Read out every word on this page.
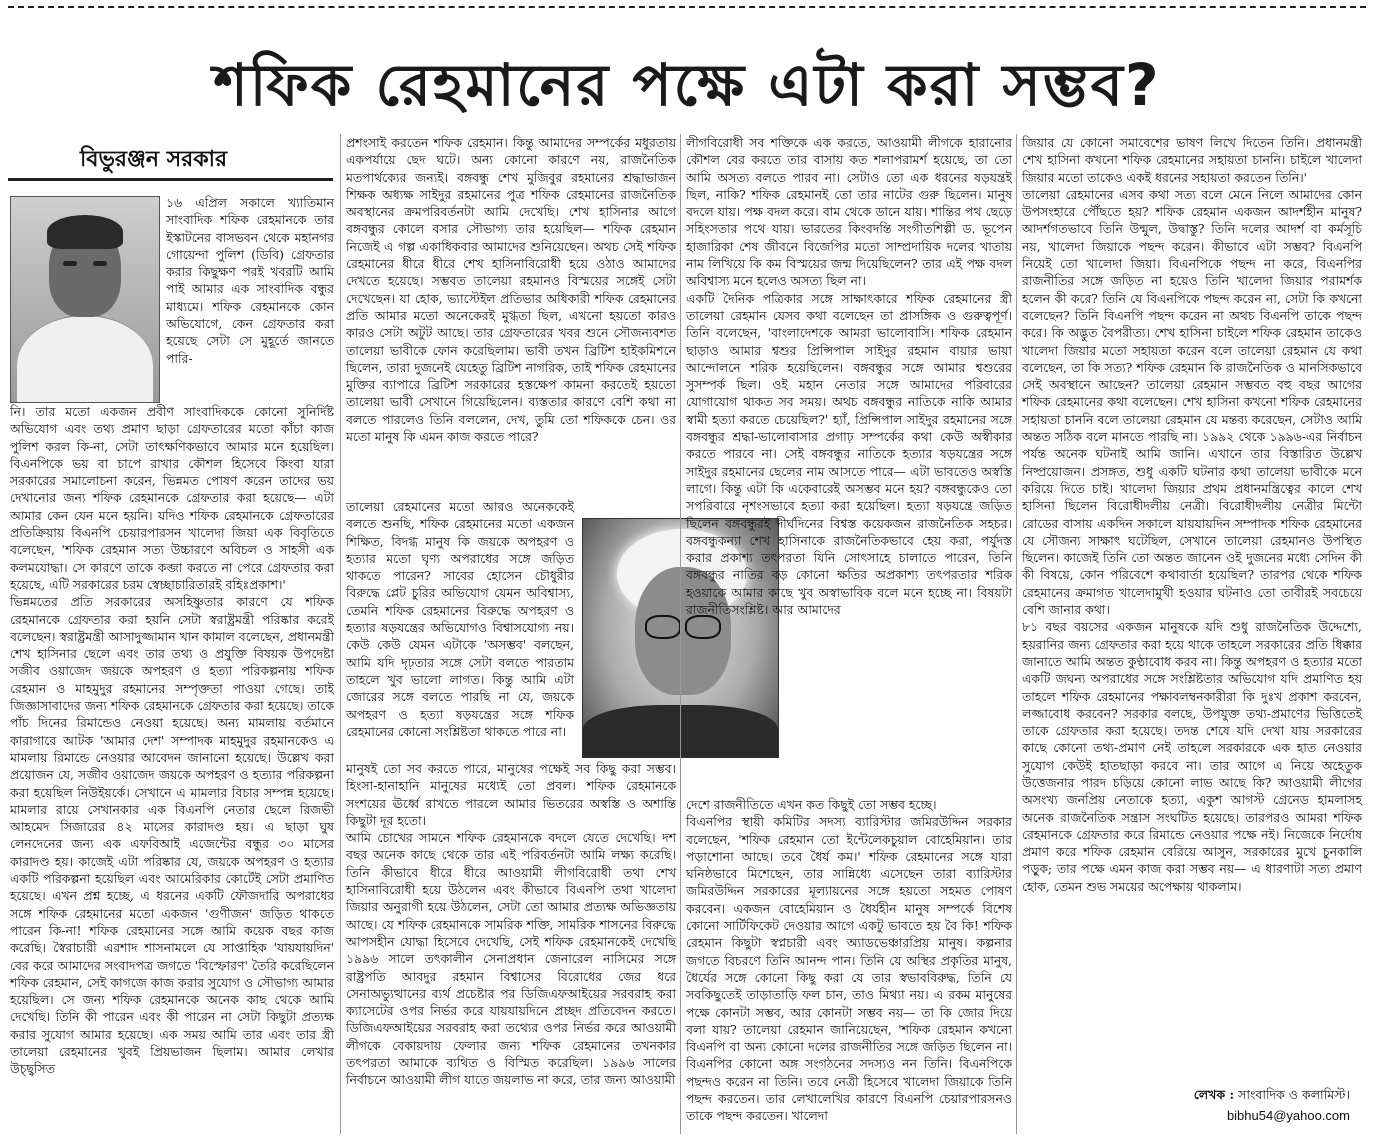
শফিক রেহমানের পক্ষে এটা করা সম্ভব?
বিভুরঞ্জন সরকার

১৬ এপ্রিল সকালে খ্যাতিমান সাংবাদিক শফিক রেহমানকে তার ইস্কাটনের বাসভবন থেকে মহানগর গোয়েন্দা পুলিশ (ডিবি) গ্রেফতার করার কিছুক্ষণ পরই খবরটি আমি পাই আমার এক সাংবাদিক বন্ধুর মাধ্যমে। শফিক রেহমানকে কোন অভিযোগে, কেন গ্রেফতার করা হয়েছে সেটা সে মুহূর্তে জানতে পারি-

নি। তার মতো একজন প্রবীণ সাংবাদিককে কোনো সুনির্দিষ্ট অভিযোগ এবং তথ্য প্রমাণ ছাড়া গ্রেফতারের মতো কাঁচা কাজ পুলিশ করল কি-না, সেটা তাৎক্ষণিকভাবে আমার মনে হয়েছিল। বিএনপিকে ভয় বা চাপে রাখার কৌশল হিসেবে কিংবা যারা সরকারের সমালোচনা করেন, ভিন্নমত পোষণ করেন তাদের ভয় দেখানোর জন্য শফিক রেহমানকে গ্রেফতার করা হয়েছে— এটা আমার কেন যেন মনে হয়নি। যদিও শফিক রেহমানকে গ্রেফতারের প্রতিক্রিয়ায় বিএনপি চেয়ারপারসন খালেদা জিয়া এক বিবৃতিতে বলেছেন, 'শফিক রেহমান সত্য উচ্চারণে অবিচল ও সাহসী এক কলমযোদ্ধা। সে কারণে তাকে কব্জা করতে না পেরে গ্রেফতার করা হয়েছে, এটি সরকারের চরম স্বেচ্ছাচারিতারই বহিঃপ্রকাশ।'

ভিন্নমতের প্রতি সরকারের অসহিষ্ণুতার কারণে যে শফিক রেহমানকে গ্রেফতার করা হয়নি সেটা স্বরাষ্ট্রমন্ত্রী পরিষ্কার করেই বলেছেন। স্বরাষ্ট্রমন্ত্রী আসাদুজ্জামান খান কামাল বলেছেন, প্রধানমন্ত্রী শেখ হাসিনার ছেলে এবং তার তথ্য ও প্রযুক্তি বিষয়ক উপদেষ্টা সজীব ওয়াজেদ জয়কে অপহরণ ও হত্যা পরিকল্পনায় শফিক রেহমান ও মাহমুদুর রহমানের সম্পৃক্ততা পাওয়া গেছে। তাই জিজ্ঞাসাবাদের জন্য শফিক রেহমানকে গ্রেফতার করা হয়েছে। তাকে পাঁচ দিনের রিমান্ডেও নেওয়া হয়েছে। অন্য মামলায় বর্তমানে কারাগারে আটক 'আমার দেশ' সম্পাদক মাহমুদুর রহমানকেও এ মামলায় রিমান্ডে নেওয়ার আবেদন জানানো হয়েছে। উল্লেখ করা প্রয়োজন যে, সজীব ওয়াজেদ জয়কে অপহরণ ও হত্যার পরিকল্পনা করা হয়েছিল নিউইয়র্কে। সেখানে এ মামলার বিচার সম্পন্ন হয়েছে। মামলার রায়ে সেখানকার এক বিএনপি নেতার ছেলে রিজভী আহমেদ সিজারের ৪২ মাসের কারাদণ্ড হয়। এ ছাড়া ঘুষ লেনদেনের জন্য এক এফবিআই এজেন্টের বন্ধুর ৩০ মাসের কারাদণ্ড হয়। কাজেই এটা পরিষ্কার যে, জয়কে অপহরণ ও হত্যার একটি পরিকল্পনা হয়েছিল এবং আমেরিকার কোর্টেই সেটা প্রমাণিত হয়েছে। এখন প্রশ্ন হচ্ছে, এ ধরনের একটি ফৌজদারি অপরাধের সঙ্গে শফিক রেহমানের মতো একজন 'গুণীজন' জড়িত থাকতে পারেন কি-না! শফিক রেহমানের সঙ্গে আমি কয়েক বছর কাজ করেছি। স্বৈরাচারী এরশাদ শাসনামলে যে সাপ্তাহিক 'যায়যায়দিন' বের করে আমাদের সংবাদপত্র জগতে 'বিস্ফোরণ' তৈরি করেছিলেন শফিক রেহমান, সেই কাগজে কাজ করার সুযোগ ও সৌভাগ্য আমার হয়েছিল। সে জন্য শফিক রেহমানকে অনেক কাছ থেকে আমি দেখেছি। তিনি কী পারেন এবং কী পারেন না সেটা কিছুটা প্রত্যক্ষ করার সুযোগ আমার হয়েছে। এক সময় আমি তার এবং তার স্ত্রী তালেয়া রেহমানের খুবই প্রিয়ভাজন ছিলাম। আমার লেখার উচ্ছ্বসিত

প্রশংসাই করতেন শফিক রেহমান। কিন্তু আমাদের সম্পর্কের মধুরতায় একপর্যায়ে ছেদ ঘটে। অন্য কোনো কারণে নয়, রাজনৈতিক মতপার্থক্যের জন্যই। বঙ্গবন্ধু শেখ মুজিবুর রহমানের শ্রদ্ধাভাজন শিক্ষক অধ্যক্ষ সাইদুর রহমানের পুত্র শফিক রেহমানের রাজনৈতিক অবস্থানের ক্রমপরিবর্তনটা আমি দেখেছি। শেখ হাসিনার আগে বঙ্গবন্ধুর কোলে বসার সৌভাগ্য তার হয়েছিল— শফিক রেহমান নিজেই এ গল্প একাধিকবার আমাদের শুনিয়েছেন। অথচ সেই শফিক রেহমানের ধীরে ধীরে শেখ হাসিনাবিরোধী হয়ে ওঠাও আমাদের দেখতে হয়েছে। সম্ভবত তালেয়া রহমানও বিস্ময়ের সঙ্গেই সেটা দেখেছেন। যা হোক, ভ্যাস্টেইল প্রতিভার অধিকারী শফিক রেহমানের প্রতি আমার মতো অনেকেরই মুগ্ধতা ছিল, এখনো হয়তো কারও কারও সেটা অটুট আছে। তার গ্রেফতারের খবর শুনে সৌজন্যবশত তালেয়া ভাবীকে ফোন করেছিলাম। ভাবী তখন ব্রিটিশ হাইকমিশনে ছিলেন, তারা দুজনেই যেহেতু ব্রিটিশ নাগরিক, তাই শফিক রেহমানের মুক্তির ব্যাপারে ব্রিটিশ সরকারের হস্তক্ষেপ কামনা করতেই হয়তো তালেয়া ভাবী সেখানে গিয়েছিলেন। ব্যস্ততার কারণে বেশি কথা না বলতে পারলেও তিনি বললেন, দেখ, তুমি তো শফিককে চেন। ওর মতো মানুষ কি এমন কাজ করতে পারে?

তালেয়া রেহমানের মতো আরও অনেককেই বলতে শুনছি, শফিক রেহমানের মতো একজন শিক্ষিত, বিদগ্ধ মানুষ কি জয়কে অপহরণ ও হত্যার মতো ঘৃণ্য অপরাধের সঙ্গে জড়িত থাকতে পারেন? সাবের হোসেন চৌধুরীর বিরুদ্ধে প্লেট চুরির অভিযোগ যেমন অবিশ্বাস্য, তেমনি শফিক রেহমানের বিরুদ্ধে অপহরণ ও হত্যার ষড়যন্ত্রের অভিযোগও বিশ্বাসযোগ্য নয়। কেউ কেউ যেমন এটাকে 'অসম্ভব' বলছেন, আমি যদি দৃঢ়তার সঙ্গে সেটা বলতে পারতাম তাহলে খুব ভালো লাগত। কিন্তু আমি এটা জোরের সঙ্গে বলতে পারছি না যে, জয়কে অপহরণ ও হত্যা ষড়যন্ত্রের সঙ্গে শফিক রেহমানের কোনো সংশ্লিষ্টতা থাকতে পারে না।

মানুষই তো সব করতে পারে, মানুষের পক্ষেই সব কিছু করা সম্ভব। হিংসা-হানাহানি মানুষের মধ্যেই তো প্রবল। শফিক রেহমানকে সংশয়ের ঊর্ধ্বে রাখতে পারলে আমার ভিতরের অস্বস্তি ও অশান্তি কিছুটা দূর হতো।

আমি চোখের সামনে শফিক রেহমানকে বদলে যেতে দেখেছি। দশ বছর অনেক কাছে থেকে তার এই পরিবর্তনটা আমি লক্ষ্য করেছি। তিনি কীভাবে ধীরে ধীরে আওয়ামী লীগবিরোধী তথা শেখ হাসিনাবিরোধী হয়ে উঠলেন এবং কীভাবে বিএনপি তথা খালেদা জিয়ার অনুরাগী হয়ে উঠলেন, সেটা তো আমার প্রত্যক্ষ অভিজ্ঞতায় আছে। যে শফিক রেহমানকে সামরিক শক্তি, সামরিক শাসনের বিরুদ্ধে আপসহীন যোদ্ধা হিসেবে দেখেছি, সেই শফিক রেহমানকেই দেখেছি ১৯৯৬ সালে তৎকালীন সেনাপ্রধান জেনারেল নাসিমের সঙ্গে রাষ্ট্রপতি আবদুর রহমান বিশ্বাসের বিরোধের জের ধরে সেনাঅভ্যুত্থানের ব্যর্থ প্রচেষ্টার পর ডিজিএফআইয়ের সরবরাহ করা ক্যাসেটের ওপর নির্ভর করে যায়যায়দিনে প্রচ্ছদ প্রতিবেদন করতে। ডিজিএফআইয়ের সরবরাহ করা তথ্যের ওপর নির্ভর করে আওয়ামী লীগকে বেকায়দায় ফেলার জন্য শফিক রেহমানের তখনকার তৎপরতা আমাকে ব্যথিত ও বিস্মিত করেছিল। ১৯৯৬ সালের নির্বাচনে আওয়ামী লীগ যাতে জয়লাভ না করে, তার জন্য আওয়ামী

লীগবিরোধী সব শক্তিকে এক করতে, আওয়ামী লীগকে হারানোর কৌশল বের করতে তার বাসায় কত শলাপরামর্শ হয়েছে, তা তো আমি অসত্য বলতে পারব না। সেটাও তো এক ধরনের ষড়যন্ত্রই ছিল, নাকি? শফিক রেহমানই তো তার নাটের গুরু ছিলেন। মানুষ বদলে যায়। পক্ষ বদল করে। বাম থেকে ডানে যায়। শান্তির পথ ছেড়ে সহিংসতার পথে যায়। ভারতের কিংবদন্তি সংগীতশিল্পী ড. ভূপেন হাজারিকা শেষ জীবনে বিজেপির মতো সাম্প্রদায়িক দলের খাতায় নাম লিখিয়ে কি কম বিস্ময়ের জন্ম দিয়েছিলেন? তার এই পক্ষ বদল অবিশ্বাস্য মনে হলেও অসত্য ছিল না।

একটি দৈনিক পত্রিকার সঙ্গে সাক্ষাৎকারে শফিক রেহমানের স্ত্রী তালেয়া রেহমান যেসব কথা বলেছেন তা প্রাসঙ্গিক ও গুরুত্বপূর্ণ। তিনি বলেছেন, 'বাংলাদেশকে আমরা ভালোবাসি। শফিক রেহমান ছাড়াও আমার শ্বশুর প্রিন্সিপাল সাইদুর রহমান বায়ার ভায়া আন্দোলনে শরিক হয়েছিলেন। বঙ্গবন্ধুর সঙ্গে আমার শ্বশুরের সুসম্পর্ক ছিল। ওই মহান নেতার সঙ্গে আমাদের পরিবারের যোগাযোগ থাকত সব সময়। অথচ বঙ্গবন্ধুর নাতিকে নাকি আমার স্বামী হত্যা করতে চেয়েছিল?' হ্যাঁ, প্রিন্সিপাল সাইদুর রহমানের সঙ্গে বঙ্গবন্ধুর শ্রদ্ধা-ভালোবাসার প্রগাঢ় সম্পর্কের কথা কেউ অস্বীকার করতে পারবে না। সেই বঙ্গবন্ধুর নাতিকে হত্যার ষড়যন্ত্রের সঙ্গে সাইদুর রহমানের ছেলের নাম আসতে পারে— এটা ভাবতেও অস্বস্তি লাগে। কিন্তু এটা কি একেবারেই অসম্ভব মনে হয়? বঙ্গবন্ধুকেও তো সপরিবারে নৃশংসভাবে হত্যা করা হয়েছিল। হত্যা ষড়যন্ত্রে জড়িত ছিলেন বঙ্গবন্ধুরই দীর্ঘদিনের বিশ্বস্ত কয়েকজন রাজনৈতিক সহচর। বঙ্গবন্ধুকন্যা শেখ হাসিনাকে রাজনৈতিকভাবে হেয় করা, পর্যুদস্ত করার প্রকাশ্য তৎপরতা যিনি সোৎসাহে চালাতে পারেন, তিনি বঙ্গবন্ধুর নাতির বড় কোনো ক্ষতির অপ্রকাশ্য তৎপরতার শরিক হওয়াকে আমার কাছে খুব অস্বাভাবিক বলে মনে হচ্ছে না। বিষয়টা রাজনীতিসংশ্লিষ্ট। আর আমাদের

দেশে রাজনীতিতে এখন কত কিছুই তো সম্ভব হচ্ছে।

বিএনপির স্থায়ী কমিটির সদস্য ব্যারিস্টার জমিরউদ্দিন সরকার বলেছেন, 'শফিক রেহমান তো ইন্টেলেকচুয়াল বোহেমিয়ান। তার পড়াশোনা আছে। তবে ধৈর্য কম।' শফিক রেহমানের সঙ্গে যারা ঘনিষ্ঠভাবে মিশেছেন, তার সান্নিধ্যে এসেছেন তারা ব্যারিস্টার জমিরউদ্দিন সরকারের মূল্যায়নের সঙ্গে হয়তো সহমত পোষণ করবেন। একজন বোহেমিয়ান ও ধৈর্যহীন মানুষ সম্পর্কে বিশেষ কোনো সার্টিফিকেট দেওয়ার আগে একটু ভাবতে হয় বৈ কি! শফিক রেহমান কিছুটা স্বপ্নচারী এবং অ্যাডভেঞ্চারপ্রিয় মানুষ। কল্পনার জগতে বিচরণে তিনি আনন্দ পান। তিনি যে অস্থির প্রকৃতির মানুষ, ধৈর্যের সঙ্গে কোনো কিছু করা যে তার স্বভাববিরুদ্ধ, তিনি যে সবকিছুতেই তাড়াতাড়ি ফল চান, তাও মিথ্যা নয়। এ রকম মানুষের পক্ষে কোনটা সম্ভব, আর কোনটা সম্ভব নয়— তা কি জোর দিয়ে বলা যায়? তালেয়া রেহমান জানিয়েছেন, 'শফিক রেহমান কখনো বিএনপি বা অন্য কোনো দলের রাজনীতির সঙ্গে জড়িত ছিলেন না। বিএনপির কোনো অঙ্গ সংগঠনের সদস্যও নন তিনি। বিএনপিকে পছন্দও করেন না তিনি। তবে নেত্রী হিসেবে খালেদা জিয়াকে তিনি পছন্দ করতেন। তার লেখালেখির কারণে বিএনপি চেয়ারপারসনও তাকে পছন্দ করতেন। খালেদা

জিয়ার যে কোনো সমাবেশের ভাষণ লিখে দিতেন তিনি। প্রধানমন্ত্রী শেখ হাসিনা কখনো শফিক রেহমানের সহায়তা চাননি। চাইলে খালেদা জিয়ার মতো তাকেও একই ধরনের সহায়তা করতেন তিনি।'

তালেয়া রেহমানের এসব কথা সত্য বলে মেনে নিলে আমাদের কোন উপসংহারে পৌঁছতে হয়? শফিক রেহমান একজন আদর্শহীন মানুষ? আদর্শগতভাবে তিনি উন্মুল, উদ্বাস্তু? তিনি দলের আদর্শ বা কর্মসূচি নয়, খালেদা জিয়াকে পছন্দ করেন। কীভাবে এটা সম্ভব? বিএনপি নিয়েই তো খালেদা জিয়া। বিএনপিকে পছন্দ না করে, বিএনপির রাজনীতির সঙ্গে জড়িত না হয়েও তিনি খালেদা জিয়ার পরামর্শক হলেন কী করে? তিনি যে বিএনপিকে পছন্দ করেন না, সেটা কি কখনো বলেছেন? তিনি বিএনপি পছন্দ করেন না অথচ বিএনপি তাকে পছন্দ করে। কি অদ্ভুত বৈপরীত্য। শেখ হাসিনা চাইলে শফিক রেহমান তাকেও খালেদা জিয়ার মতো সহায়তা করেন বলে তালেয়া রেহমান যে কথা বলেছেন, তা কি সত্য? শফিক রেহমান কি রাজনৈতিক ও মানসিকভাবে সেই অবস্থানে আছেন? তালেয়া রেহমান সম্ভবত বহু বছর আগের শফিক রেহমানের কথা বলেছেন। শেখ হাসিনা কখনো শফিক রেহমানের সহায়তা চাননি বলে তালেয়া রেহমান যে মন্তব্য করেছেন, সেটাও আমি অন্তত সঠিক বলে মানতে পারছি না। ১৯৯২ থেকে ১৯৯৬-এর নির্বাচন পর্যন্ত অনেক ঘটনাই আমি জানি। এখানে তার বিস্তারিত উল্লেখ নিষ্প্রয়োজন। প্রসঙ্গত, শুধু একটি ঘটনার কথা তালেয়া ভাবীকে মনে করিয়ে দিতে চাই। খালেদা জিয়ার প্রথম প্রধানমন্ত্রিত্বের কালে শেখ হাসিনা ছিলেন বিরোধীদলীয় নেত্রী। বিরোধীদলীয় নেত্রীর মিন্টো রোডের বাসায় একদিন সকালে যায়যায়দিন সম্পাদক শফিক রেহমানের যে সৌজন্য সাক্ষাৎ ঘটেছিল, সেখানে তালেয়া রেহমানও উপস্থিত ছিলেন। কাজেই তিনি তো অন্তত জানেন ওই দুজনের মধ্যে সেদিন কী কী বিষয়ে, কোন পরিবেশে কথাবার্তা হয়েছিল? তারপর থেকে শফিক রেহমানের ক্রমাগত খালেদামুখী হওয়ার ঘটনাও তো তাবীরই সবচেয়ে বেশি জানার কথা।

৮১ বছর বয়সের একজন মানুষকে যদি শুধু রাজনৈতিক উদ্দেশ্যে, হয়রানির জন্য গ্রেফতার করা হয়ে থাকে তাহলে সরকারের প্রতি ধিক্কার জানাতে আমি অন্তত কুণ্ঠাবোধ করব না। কিন্তু অপহরণ ও হত্যার মতো একটি জঘন্য অপরাধের সঙ্গে সংশ্লিষ্টতার অভিযোগ যদি প্রমাণিত হয় তাহলে শফিক রেহমানের পক্ষাবলম্বনকারীরা কি দুঃখ প্রকাশ করবেন, লজ্জাবোধ করবেন? সরকার বলছে, উপযুক্ত তথ্য-প্রমাণের ভিত্তিতেই তাকে গ্রেফতার করা হয়েছে। তদন্ত শেষে যদি দেখা যায় সরকারের কাছে কোনো তথ্য-প্রমাণ নেই তাহলে সরকারকে এক হাত নেওয়ার সুযোগ কেউই হাতছাড়া করবে না। তার আগে এ নিয়ে অহেতুক উত্তেজনার পারদ চড়িয়ে কোনো লাভ আছে কি? আওয়ামী লীগের অসংখ্য জনপ্রিয় নেতাকে হত্যা, একুশ আগস্ট গ্রেনেড হামলাসহ অনেক রাজনৈতিক সন্ত্রাস সংঘটিত হয়েছে। তারপরও আমরা শফিক রেহমানকে গ্রেফতার করে রিমান্ডে নেওয়ার পক্ষে নই। নিজেকে নির্দোষ প্রমাণ করে শফিক রেহমান বেরিয়ে আসুন, সরকারের মুখে চুনকালি পড়ুক; তার পক্ষে এমন কাজ করা সম্ভব নয়— এ ধারণাটা সত্য প্রমাণ হোক, তেমন শুভ সময়ের অপেক্ষায় থাকলাম।

লেখক : সাংবাদিক ও কলামিস্ট।
bibhu54@yahoo.com
